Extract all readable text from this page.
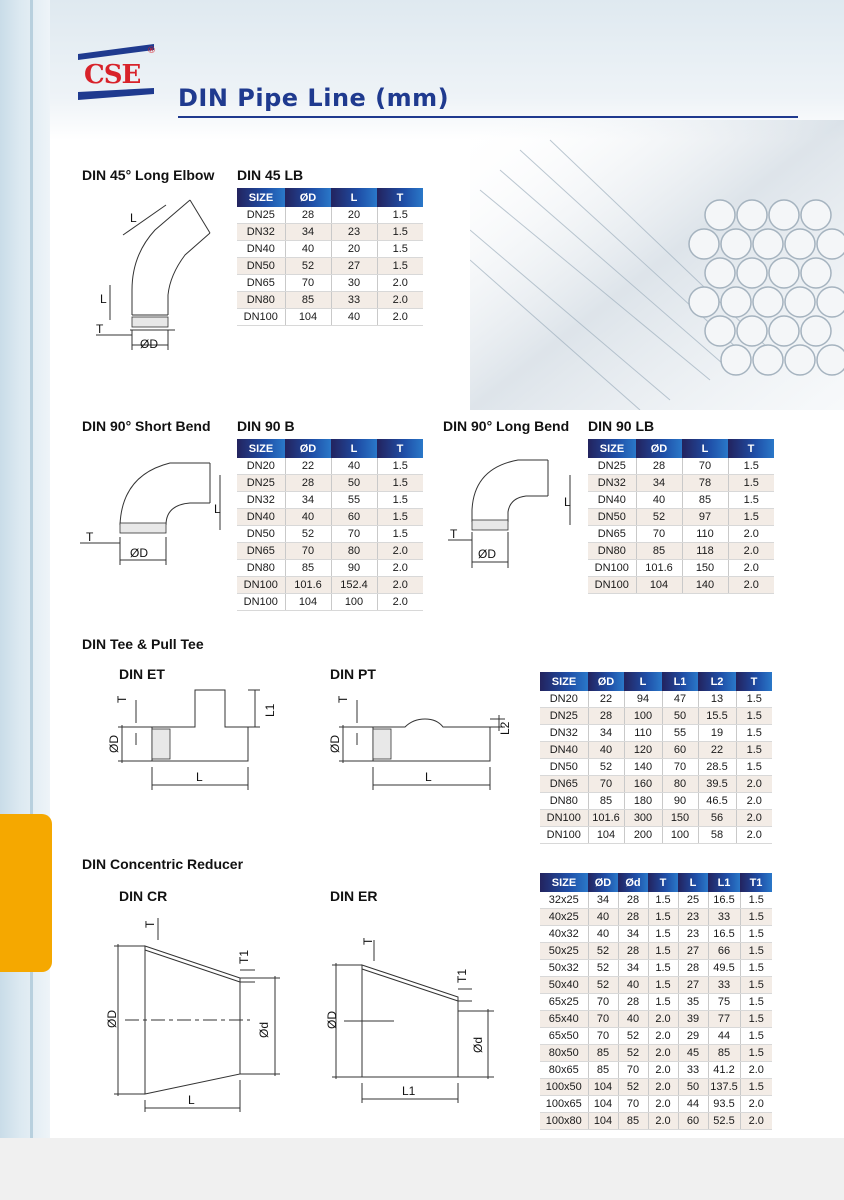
CSE
®
DIN Pipe Line (mm)
DIN 45° Long Elbow DIN 45 LB
SIZE	ØD	L	T
DN25	28	20	1.5
DN32	34	23	1.5
DN40	40	20	1.5
DN50	52	27	1.5
DN65	70	30	2.0
DN80	85	33	2.0
DN100	104	40	2.0
L
L
T
ØD
DIN 90° Short Bend DIN 90 B
SIZE	ØD	L	T
DN20	22	40	1.5
DN25	28	50	1.5
DN32	34	55	1.5
DN40	40	60	1.5
DN50	52	70	1.5
DN65	70	80	2.0
DN80	85	90	2.0
DN100	101.6	152.4	2.0
DN100	104	100	2.0
L
T
ØD
DIN 90° Long Bend DIN 90 LB
SIZE	ØD	L	T
DN25	28	70	1.5
DN32	34	78	1.5
DN40	40	85	1.5
DN50	52	97	1.5
DN65	70	110	2.0
DN80	85	118	2.0
DN100	101.6	150	2.0
DN100	104	140	2.0
L
T
ØD
DIN Tee & Pull Tee
DIN ET	DIN PT
T
ØD
L
L1
T
ØD
L
L2
SIZE	ØD	L	L1	L2	T
DN20	22	94	47	13	1.5
DN25	28	100	50	15.5	1.5
DN32	34	110	55	19	1.5
DN40	40	120	60	22	1.5
DN50	52	140	70	28.5	1.5
DN65	70	160	80	39.5	2.0
DN80	85	180	90	46.5	2.0
DN100	101.6	300	150	56	2.0
DN100	104	200	100	58	2.0
DIN Concentric Reducer
DIN CR	DIN ER
T
T1
ØD
Ød
L
T
T1
ØD
Ød
L1
SIZE	ØD	Ød	T	L	L1	T1
32x25	34	28	1.5	25	16.5	1.5
40x25	40	28	1.5	23	33	1.5
40x32	40	34	1.5	23	16.5	1.5
50x25	52	28	1.5	27	66	1.5
50x32	52	34	1.5	28	49.5	1.5
50x40	52	40	1.5	27	33	1.5
65x25	70	28	1.5	35	75	1.5
65x40	70	40	2.0	39	77	1.5
65x50	70	52	2.0	29	44	1.5
80x50	85	52	2.0	45	85	1.5
80x65	85	70	2.0	33	41.2	2.0
100x50	104	52	2.0	50	137.5	1.5
100x65	104	70	2.0	44	93.5	2.0
100x80	104	85	2.0	60	52.5	2.0
